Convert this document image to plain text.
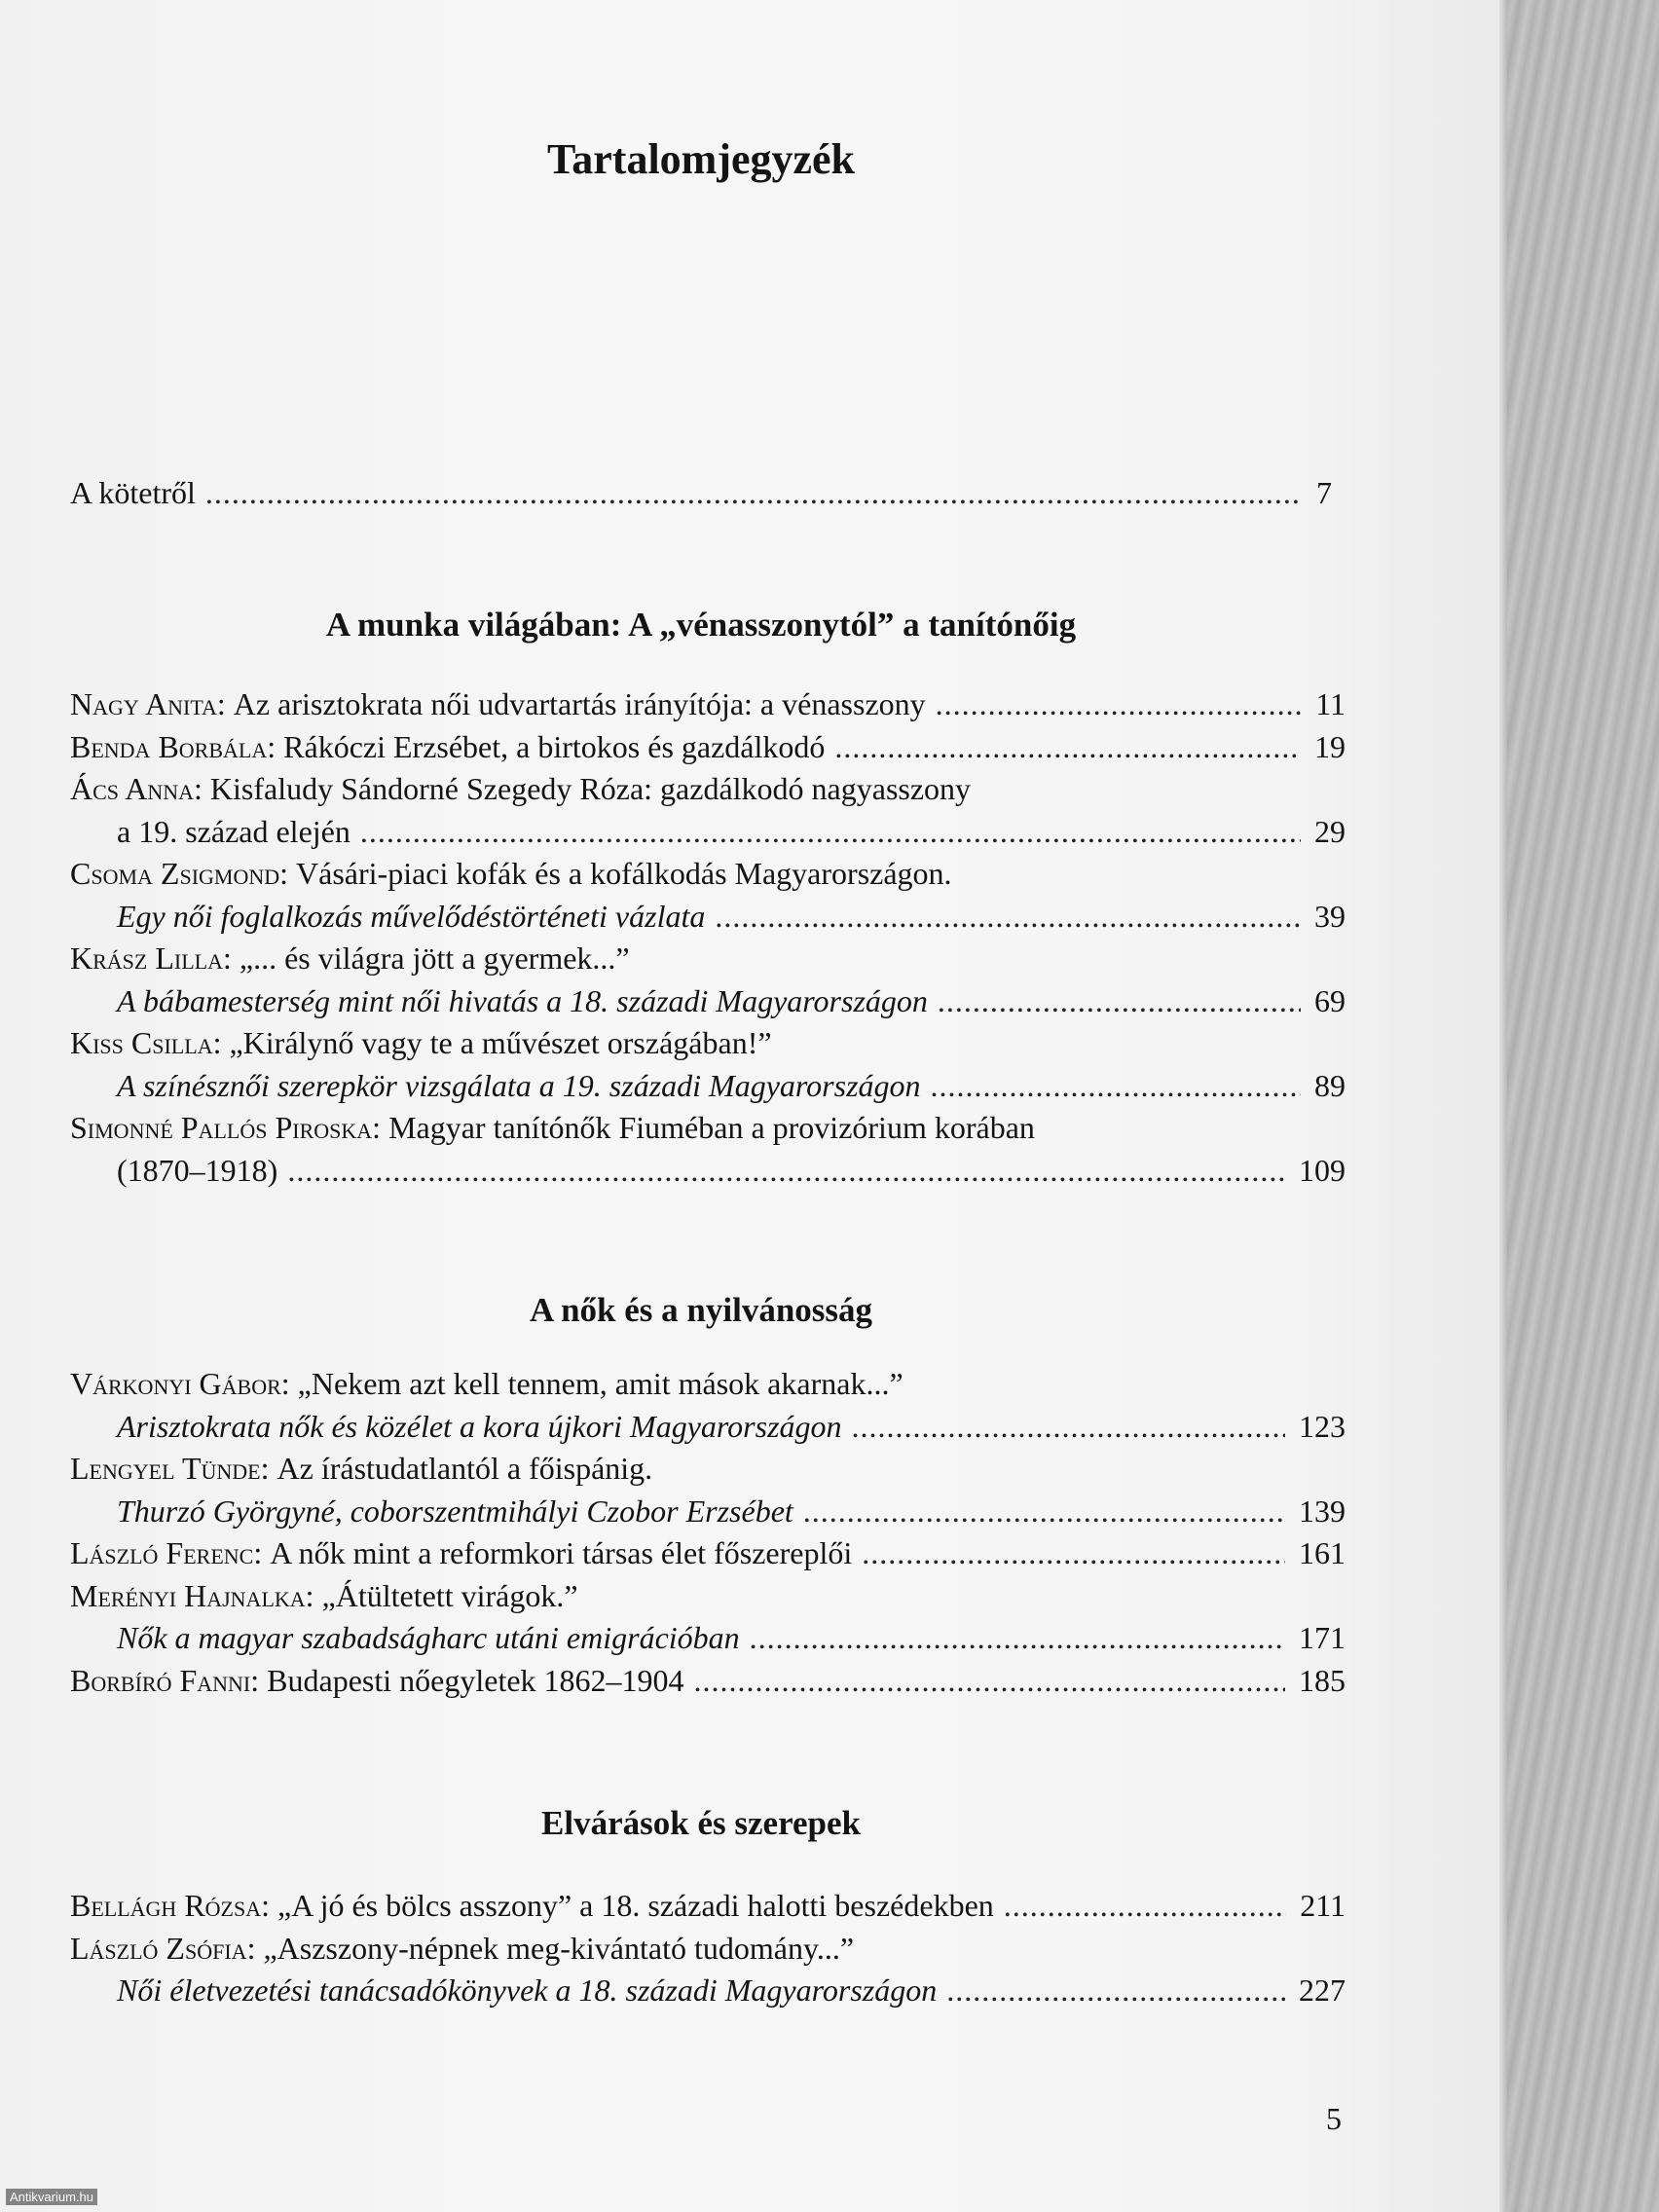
Tartalomjegyzék
A kötetről .....	7
A munka világában: A „vénasszonytól” a tanítónőig
Nagy Anita : Az arisztokrata női udvartartás irányítója: a vénasszony .....	11
Benda Borbála : Rákóczi Erzsébet, a birtokos és gazdálkodó .....	19
Ács Anna : Kisfaludy Sándorné Szegedy Róza: gazdálkodó nagyasszony
a 19. század elején .....	29
Csoma Zsigmond : Vásári-piaci kofák és a kofálkodás Magyarországon.
Egy női foglalkozás művelődéstörténeti vázlata .....	39
Krász Lilla : „... és világra jött a gyermek...”
A bábamesterség mint női hivatás a 18. századi Magyarországon .....	69
Kiss Csilla : „Királynő vagy te a művészet országában!”
A színésznői szerepkör vizsgálata a 19. századi Magyarországon .....	89
Simonné Pallós Piroska : Magyar tanítónők Fiuméban a provizórium korában
(1870–1918) .....	109
A nők és a nyilvánosság
Várkonyi Gábor : „Nekem azt kell tennem, amit mások akarnak...”
Arisztokrata nők és közélet a kora újkori Magyarországon .....	123
Lengyel Tünde : Az írástudatlantól a főispánig.
Thurzó Györgyné, coborszentmihályi Czobor Erzsébet .....	139
László Ferenc : A nők mint a reformkori társas élet főszereplői .....	161
Merényi Hajnalka : „Átültetett virágok.”
Nők a magyar szabadságharc utáni emigrációban .....	171
Borbíró Fanni : Budapesti nőegyletek 1862–1904 .....	185
Elvárások és szerepek
Bellágh Rózsa : „A jó és bölcs asszony” a 18. századi halotti beszédekben .....	211
László Zsófia : „Aszszony-népnek meg-kivántató tudomány...”
Női életvezetési tanácsadókönyvek a 18. századi Magyarországon .....	227
5
Antikvarium.hu
